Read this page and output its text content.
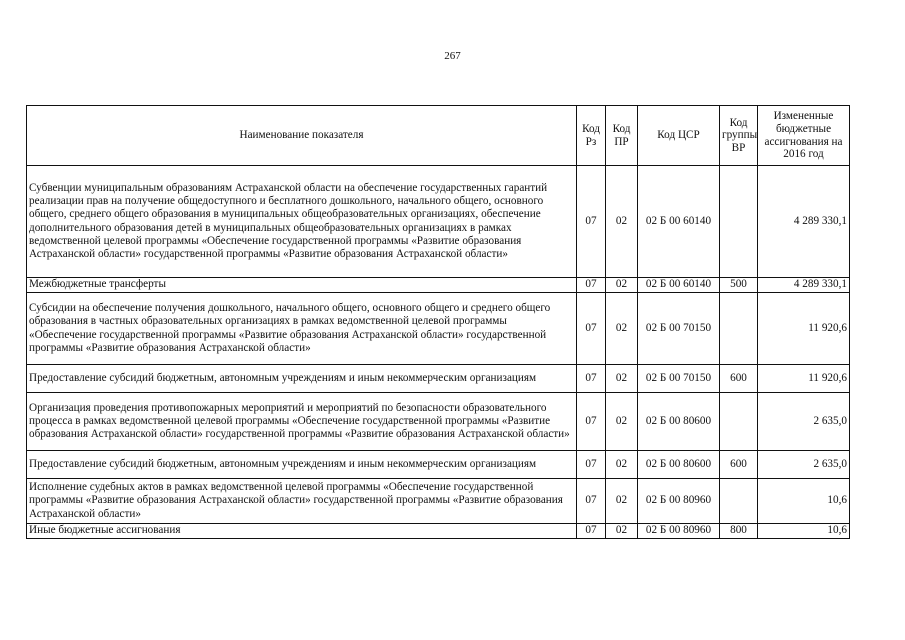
267
Наименование показателя	Код Рз	Код ПР	Код ЦСР	Код группы ВР	Измененные бюджетные ассигнования на 2016 год
Субвенции муниципальным образованиям Астраханской области на обеспечение государственных гарантий реализации прав на получение общедоступного и бесплатного дошкольного, начального общего, основного общего, среднего общего образования в муниципальных общеобразовательных организациях, обеспечение дополнительного образования детей в муниципальных общеобразовательных организациях в рамках ведомственной целевой программы «Обеспечение государственной программы «Развитие образования Астраханской области» государственной программы «Развитие образования Астраханской области»	07	02	02 Б 00 60140		4 289 330,1
Межбюджетные трансферты	07	02	02 Б 00 60140	500	4 289 330,1
Субсидии на обеспечение получения дошкольного, начального общего, основного общего и среднего общего образования в частных образовательных организациях в рамках ведомственной целевой программы «Обеспечение государственной программы «Развитие образования Астраханской области» государственной программы «Развитие образования Астраханской области»	07	02	02 Б 00 70150		11 920,6
Предоставление субсидий бюджетным, автономным учреждениям и иным некоммерческим организациям	07	02	02 Б 00 70150	600	11 920,6
Организация проведения противопожарных мероприятий и мероприятий по безопасности образовательного процесса в рамках ведомственной целевой программы «Обеспечение государственной программы «Развитие образования Астраханской области» государственной программы «Развитие образования Астраханской области»	07	02	02 Б 00 80600		2 635,0
Предоставление субсидий бюджетным, автономным учреждениям и иным некоммерческим организациям	07	02	02 Б 00 80600	600	2 635,0
Исполнение судебных актов в рамках ведомственной целевой программы «Обеспечение государственной программы «Развитие образования Астраханской области» государственной программы «Развитие образования Астраханской области»	07	02	02 Б 00 80960		10,6
Иные бюджетные ассигнования	07	02	02 Б 00 80960	800	10,6
